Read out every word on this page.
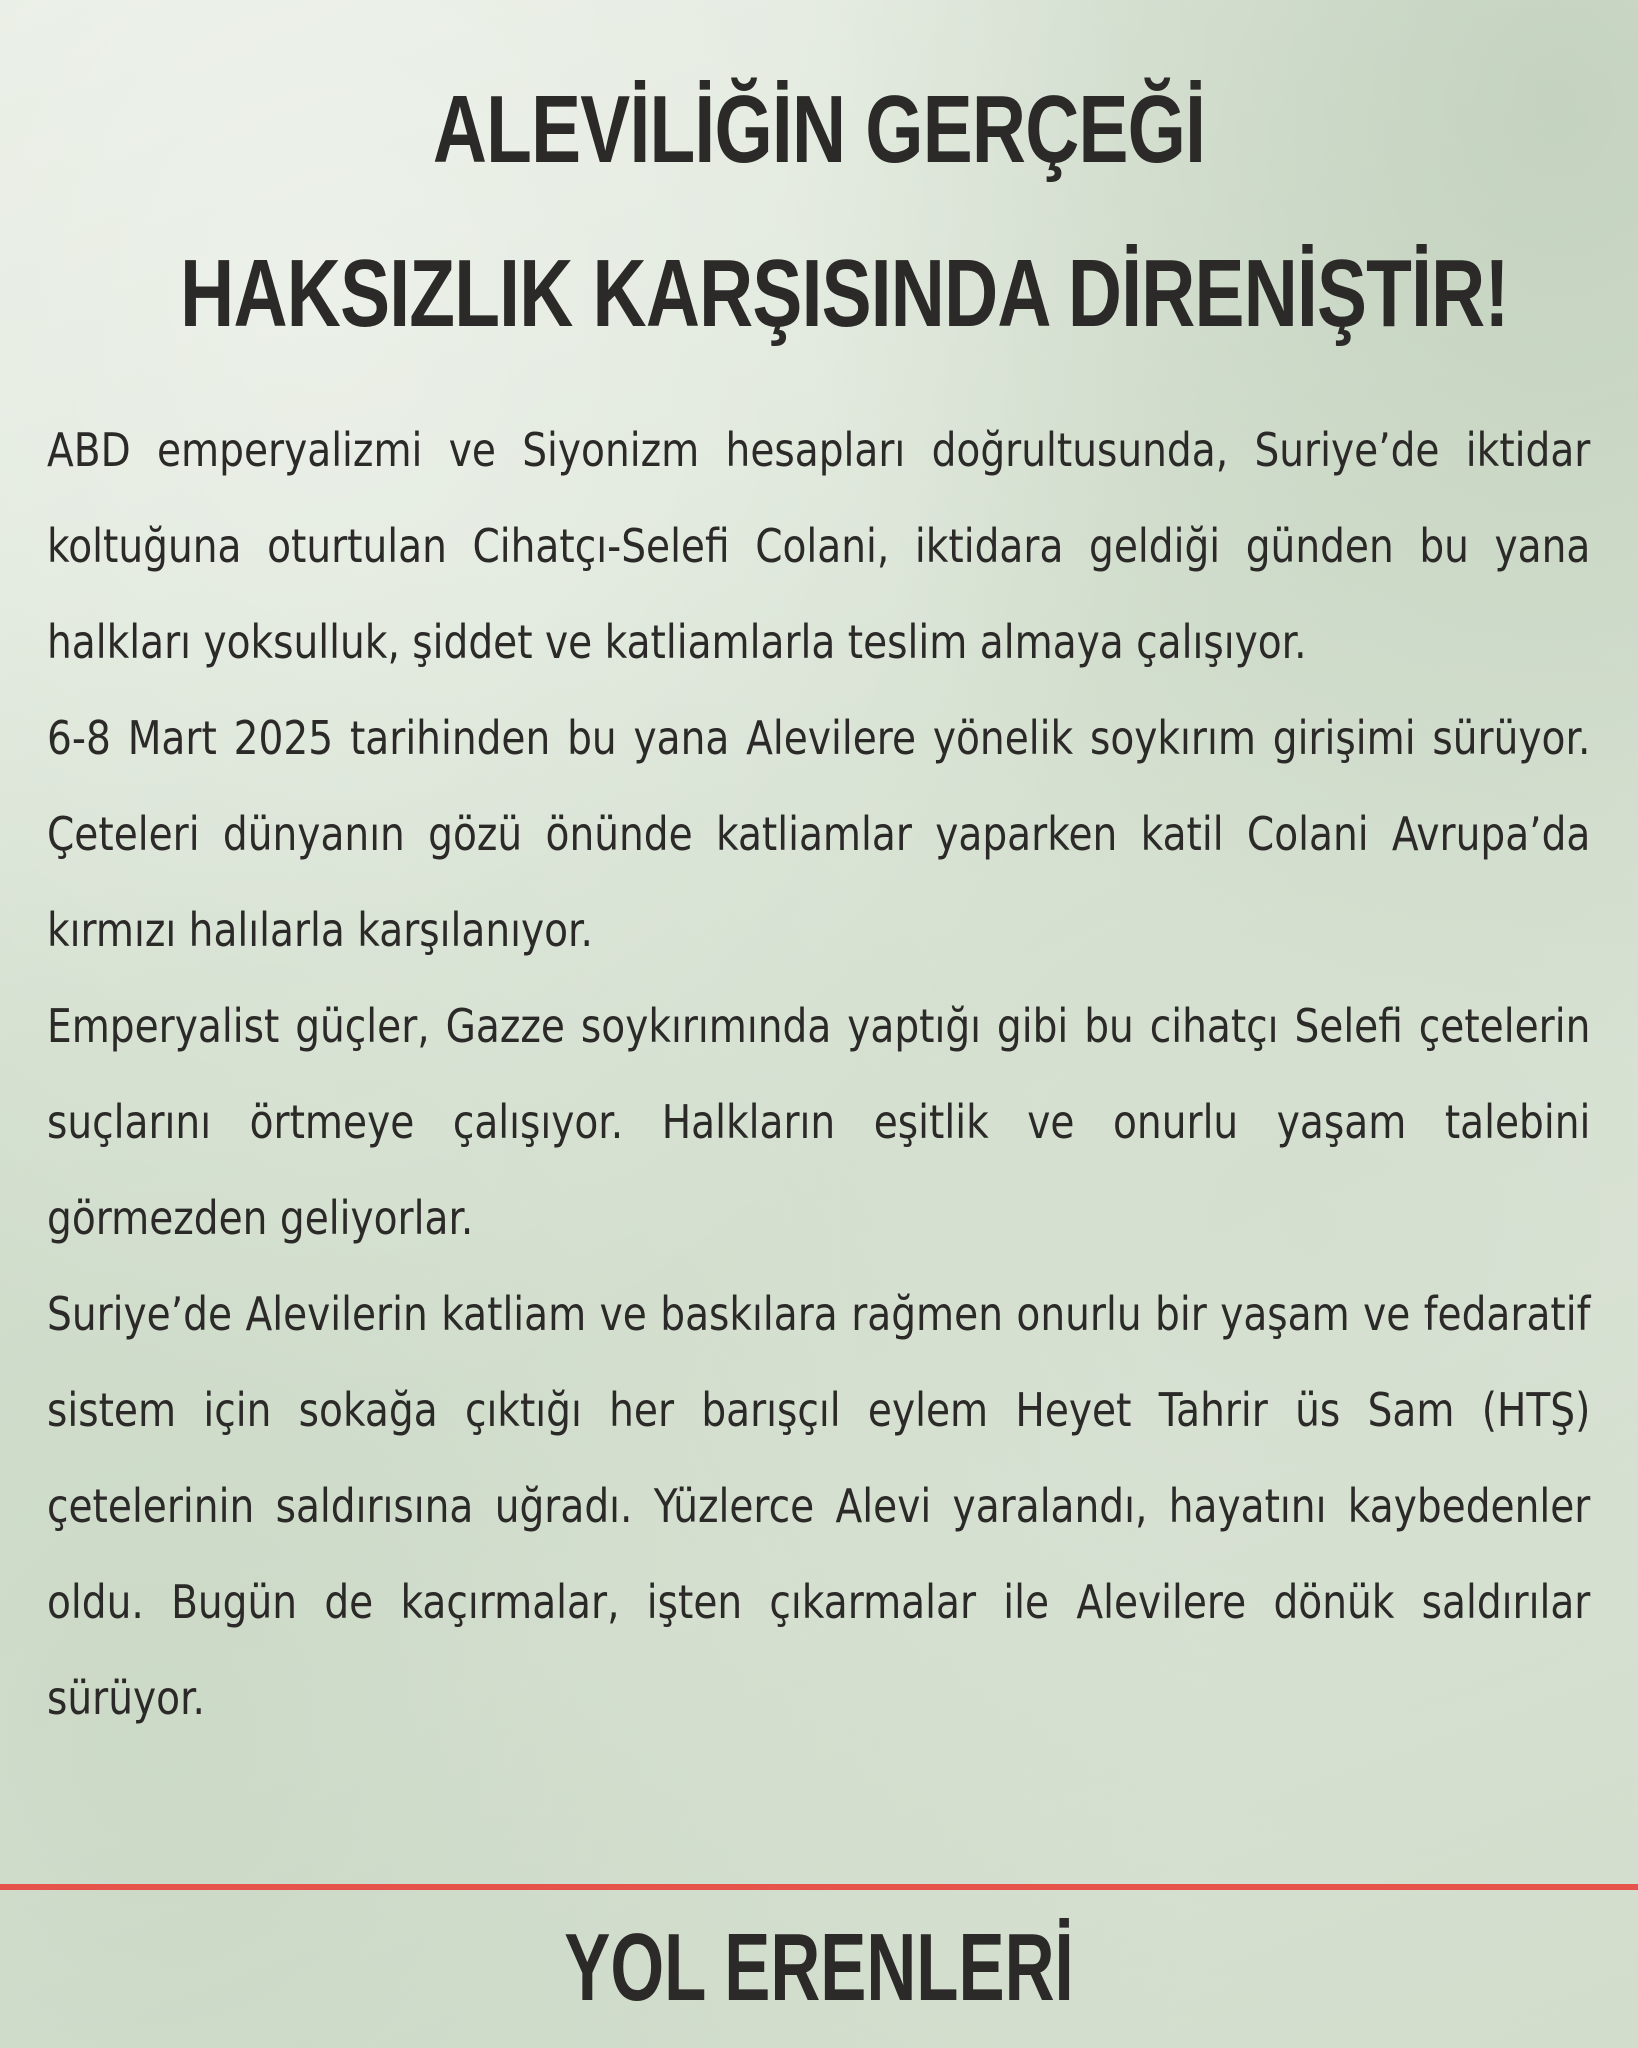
ALEVİLİĞİN GERÇEĞİ
HAKSIZLIK KARŞISINDA DİRENİŞTİR!

ABD emperyalizmi ve Siyonizm hesapları doğrultusunda, Suriye’de iktidar koltuğuna oturtulan Cihatçı-Selefi Colani, iktidara geldiği günden bu yana halkları yoksulluk, şiddet ve katliamlarla teslim almaya çalışıyor.

6-8 Mart 2025 tarihinden bu yana Alevilere yönelik soykırım girişimi sürüyor. Çeteleri dünyanın gözü önünde katliamlar yaparken katil Colani Avrupa’da kırmızı halılarla karşılanıyor.

Emperyalist güçler, Gazze soykırımında yaptığı gibi bu cihatçı Selefi çetelerin suçlarını örtmeye çalışıyor. Halkların eşitlik ve onurlu yaşam talebini görmezden geliyorlar.

Suriye’de Alevilerin katliam ve baskılara rağmen onurlu bir yaşam ve fedaratif sistem için sokağa çıktığı her barışçıl eylem Heyet Tahrir üs Sam (HTŞ) çetelerinin saldırısına uğradı. Yüzlerce Alevi yaralandı, hayatını kaybedenler oldu. Bugün de kaçırmalar, işten çıkarmalar ile Alevilere dönük saldırılar sürüyor.

YOL ERENLERİ
